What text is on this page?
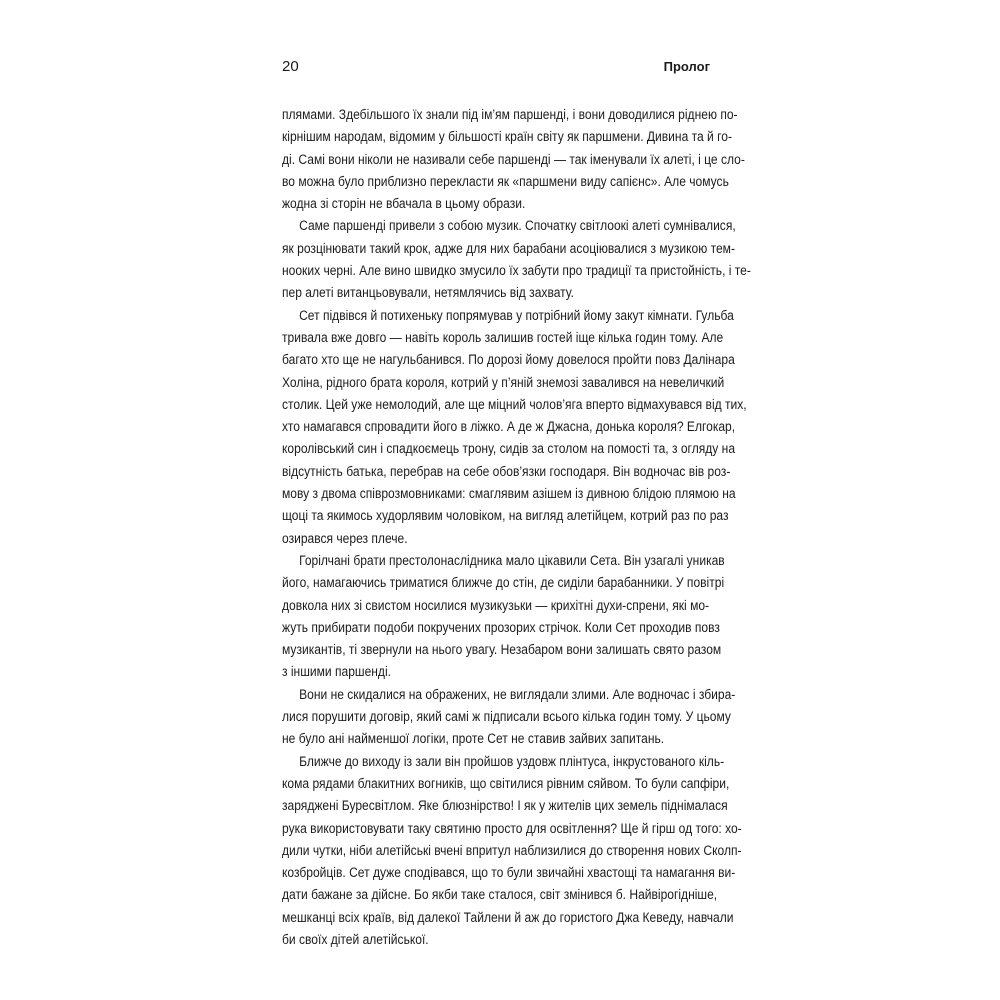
20	Пролог
плямами. Здебільшого їх знали під ім’ям паршенді, і вони доводилися ріднею по-
кірнішим народам, відомим у більшості країн світу як паршмени. Дивина та й го-
ді. Самі вони ніколи не називали себе паршенді — так іменували їх алеті, і це сло-
во можна було приблизно перекласти як «паршмени виду сапієнс». Але чомусь
жодна зі сторін не вбачала в цьому образи.
Саме паршенді привели з собою музик. Спочатку світлоокі алеті сумнівалися,
як розцінювати такий крок, адже для них барабани асоціювалися з музикою тем-
нооких черні. Але вино швидко змусило їх забути про традиції та пристойність, і те-
пер алеті витанцьовували, нетямлячись від захвату.
Сет підвівся й потихеньку попрямував у потрібний йому закут кімнати. Гульба
тривала вже довго — навіть король залишив гостей іще кілька годин тому. Але
багато хто ще не нагульбанився. По дорозі йому довелося пройти повз Далінара
Холіна, рідного брата короля, котрий у п’яній знемозі завалився на невеличкий
столик. Цей уже немолодий, але ще міцний чолов’яга вперто відмахувався від тих,
хто намагався спровадити його в ліжко. А де ж Джасна, донька короля? Елгокар,
королівський син і спадкоємець трону, сидів за столом на помості та, з огляду на
відсутність батька, перебрав на себе обов’язки господаря. Він водночас вів роз-
мову з двома співрозмовниками: смаглявим азішем із дивною блідою плямою на
щоці та якимось худорлявим чоловіком, на вигляд алетійцем, котрий раз по раз
озирався через плече.
Горілчані брати престолонаслідника мало цікавили Сета. Він узагалі уникав
його, намагаючись триматися ближче до стін, де сиділи барабанники. У повітрі
довкола них зі свистом носилися музикузьки — крихітні духи-спрени, які мо-
жуть прибирати подоби покручених прозорих стрічок. Коли Сет проходив повз
музикантів, ті звернули на нього увагу. Незабаром вони залишать свято разом
з іншими паршенді.
Вони не скидалися на ображених, не виглядали злими. Але водночас і збира-
лися порушити договір, який самі ж підписали всього кілька годин тому. У цьому
не було ані найменшої логіки, проте Сет не ставив зайвих запитань.
Ближче до виходу із зали він пройшов уздовж плінтуса, інкрустованого кіль-
кома рядами блакитних вогників, що світилися рівним сяйвом. То були сапфіри,
заряджені Буресвітлом. Яке блюзнірство! І як у жителів цих земель піднімалася
рука використовувати таку святиню просто для освітлення? Ще й гірш од того: хо-
дили чутки, ніби алетійські вчені впритул наблизилися до створення нових Сколп-
козбройців. Сет дуже сподівався, що то були звичайні хвастощі та намагання ви-
дати бажане за дійсне. Бо якби таке сталося, світ змінився б. Найвірогідніше,
мешканці всіх країв, від далекої Тайлени й аж до гористого Джа Кеведу, навчали
би своїх дітей алетійської.
